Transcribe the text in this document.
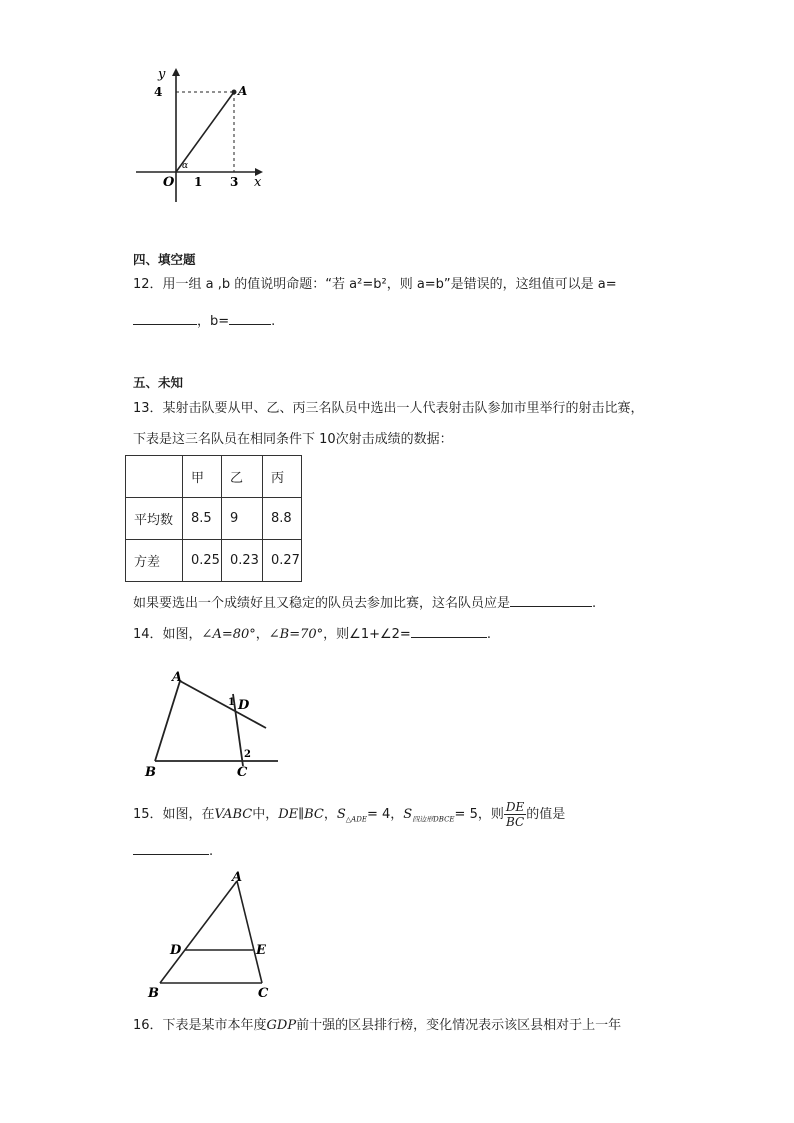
y
4	A
α
O 1 3 x
四、填空题
12．用一组 a ,b 的值说明命题：“若 a²=b²，则 a=b”是错误的，这组值可以是 a=
，b=	.
五、未知
13．某射击队要从甲、乙、丙三名队员中选出一人代表射击队参加市里举行的射击比赛，
下表是这三名队员在相同条件下 10次射击成绩的数据：
	甲	乙	丙
平均数	8.5	9	8.8
方差	0.25	0.23	0.27
如果要选出一个成绩好且又稳定的队员去参加比赛，这名队员应是	.
14．如图，∠A=80°，∠B=70°，则∠1+∠2=	.
A
B	C
D
1
2
15．如图，在VABC中，DE∥BC，$S_{\triangle ADE}= 4$，$S_{四边形DBCE}= 5$，则 $\frac{DE}{BC}$ 的值是
.
A
B	C
D	E
16．下表是某市本年度GDP前十强的区县排行榜，变化情况表示该区县相对于上一年
